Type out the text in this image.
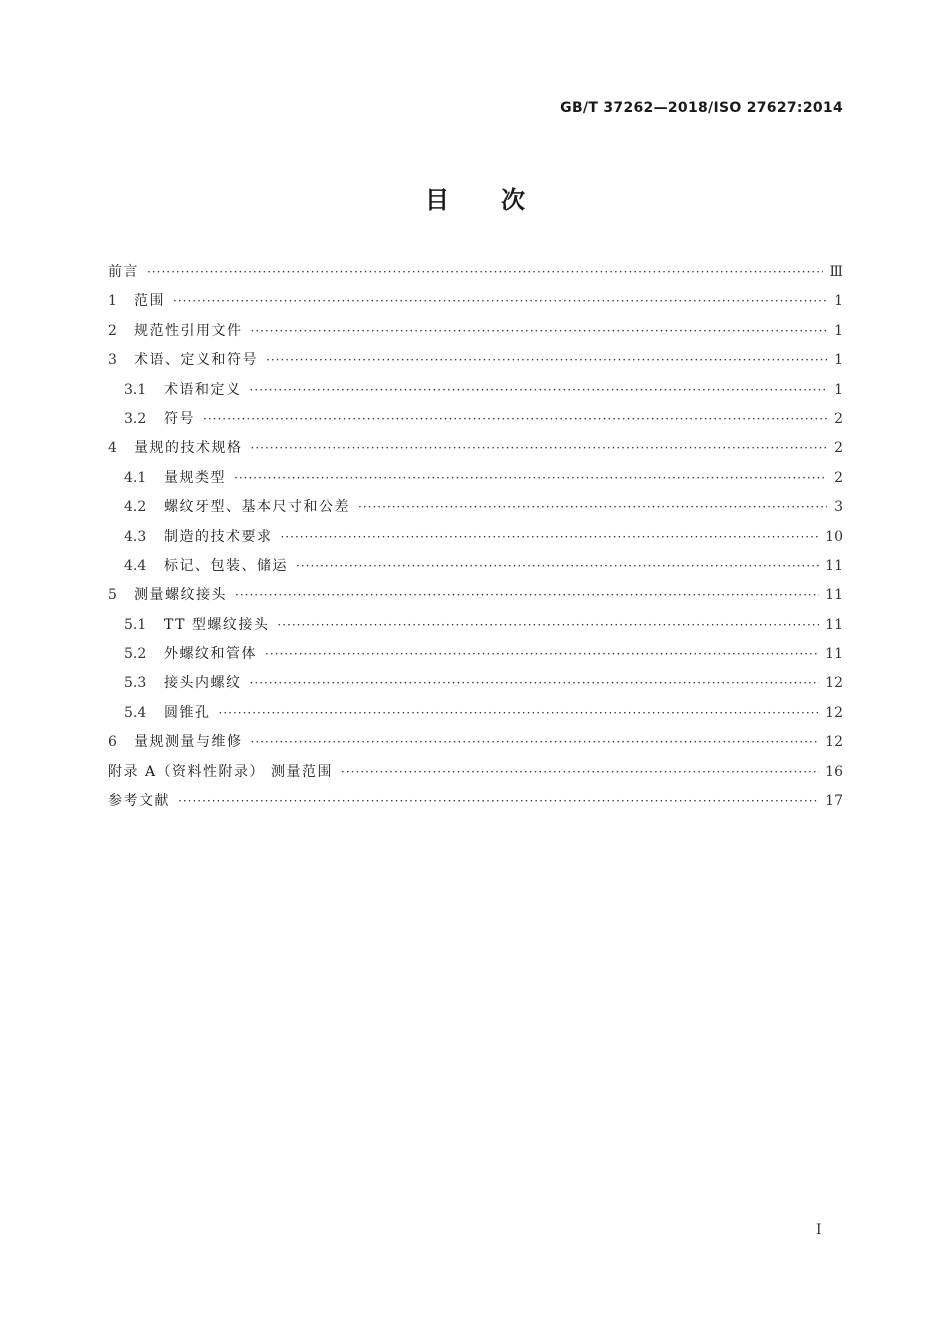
GB/T 37262—2018/ISO 27627:2014
目 次
前言 ·····	Ⅲ
1	范围 ·····	1
2	规范性引用文件 ·····	1
3	术语、定义和符号 ·····	1
3.1	术语和定义 ·····	1
3.2	符号 ·····	2
4	量规的技术规格 ·····	2
4.1	量规类型 ·····	2
4.2	螺纹牙型、基本尺寸和公差 ·····	3
4.3	制造的技术要求 ·····	10
4.4	标记、包装、储运 ·····	11
5	测量螺纹接头 ·····	11
5.1	TT 型螺纹接头 ·····	11
5.2	外螺纹和管体 ·····	11
5.3	接头内螺纹 ·····	12
5.4	圆锥孔 ·····	12
6	量规测量与维修 ·····	12
附录 A（资料性附录） 测量范围 ·····	16
参考文献 ·····	17
I
